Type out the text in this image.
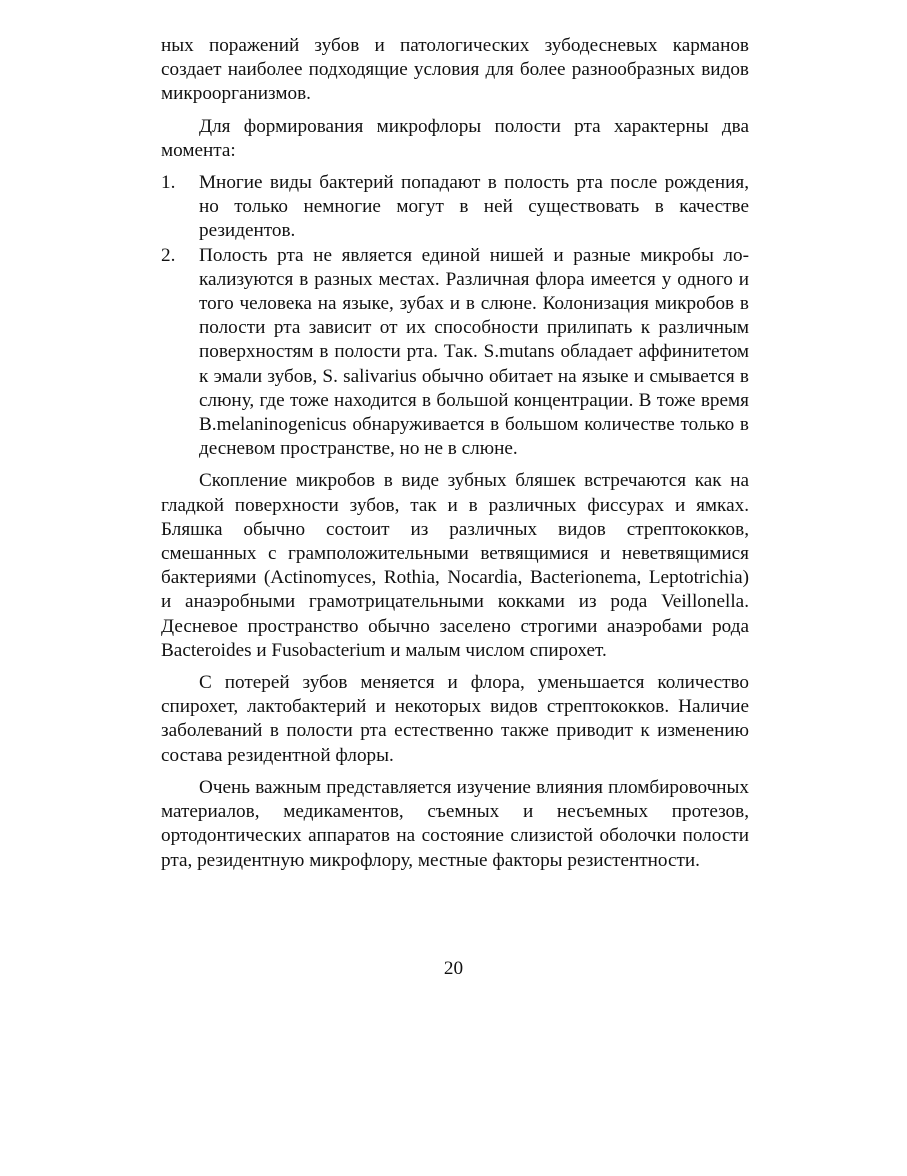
ных поражений зубов и патологических зубодесневых карманов создает наиболее подходящие условия для более разнообразных видов микроорганизмов.

Для формирования микрофлоры полости рта характерны два момента:

1. Многие виды бактерий попадают в полость рта после рождения, но только немногие могут в ней существовать в качестве резидентов.
2. Полость рта не является единой нишей и разные микробы локализуются в разных местах. Различная флора имеется у одного и того человека на языке, зубах и в слюне. Колонизация микробов в полости рта зависит от их способности прилипать к различным поверхностям в полости рта. Так. S.mutans обладает аффинитетом к эмали зубов, S. salivarius обычно обитает на языке и смывается в слюну, где тоже находится в большой концентрации. В тоже время B.melaninogenicus обнаруживается в большом количестве только в десневом пространстве, но не в слюне.

Скопление микробов в виде зубных бляшек встречаются как на гладкой поверхности зубов, так и в различных фиссурах и ямках. Бляшка обычно состоит из различных видов стрептококков, смешанных с грамположительными ветвящимися и неветвящимися бактериями (Actinomyces, Rothia, Nocardia, Bacterionema, Leptotrichia) и анаэробными грамотрицательными кокками из рода Veillonella. Десневое пространство обычно заселено строгими анаэробами рода Bacteroides и Fusobacterium и малым числом спирохет.

С потерей зубов меняется и флора, уменьшается количество спирохет, лактобактерий и некоторых видов стрептококков. Наличие заболеваний в полости рта естественно также приводит к изменению состава резидентной флоры.

Очень важным представляется изучение влияния пломбировочных материалов, медикаментов, съемных и несъемных протезов, ортодонтических аппаратов на состояние слизистой оболочки полости рта, резидентную микрофлору, местные факторы резистентности.

20
